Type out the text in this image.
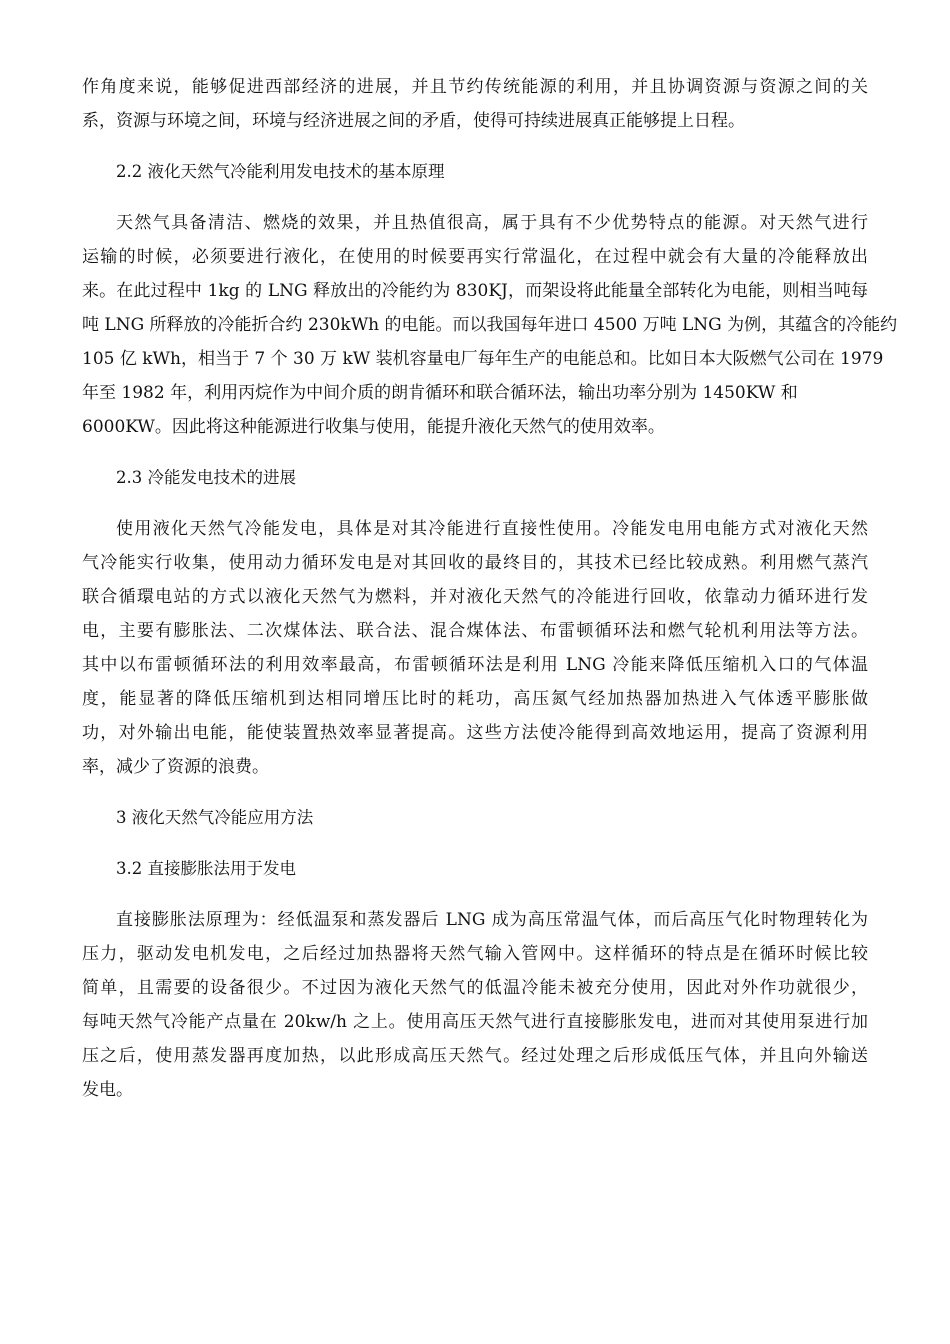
作角度来说，能够促进西部经济的进展，并且节约传统能源的利用，并且协调资源与资源之间的关
系，资源与环境之间，环境与经济进展之间的矛盾，使得可持续进展真正能够提上日程。
2.2 液化天然气冷能利用发电技术的基本原理
天然气具备清洁、燃烧的效果，并且热值很高，属于具有不少优势特点的能源。对天然气进行
运输的时候，必须要进行液化，在使用的时候要再实行常温化，在过程中就会有大量的冷能释放出
来。在此过程中 1kg 的 LNG 释放出的冷能约为 830KJ，而架设将此能量全部转化为电能，则相当吨每
吨 LNG 所释放的冷能折合约 230kWh 的电能。而以我国每年进口 4500 万吨 LNG 为例，其蕴含的冷能约
105 亿 kWh，相当于 7 个 30 万 kW 装机容量电厂每年生产的电能总和。比如日本大阪燃气公司在 1979
年至 1982 年，利用丙烷作为中间介质的朗肯循环和联合循环法，输出功率分别为 1450KW 和
6000KW。因此将这种能源进行收集与使用，能提升液化天然气的使用效率。
2.3 冷能发电技术的进展
使用液化天然气冷能发电，具体是对其冷能进行直接性使用。冷能发电用电能方式对液化天然
气冷能实行收集，使用动力循环发电是对其回收的最终目的，其技术已经比较成熟。利用燃气蒸汽
联合循環电站的方式以液化天然气为燃料，并对液化天然气的冷能进行回收，依靠动力循环进行发
电，主要有膨胀法、二次煤体法、联合法、混合煤体法、布雷顿循环法和燃气轮机利用法等方法。
其中以布雷顿循环法的利用效率最高，布雷顿循环法是利用 LNG 冷能来降低压缩机入口的气体温
度，能显著的降低压缩机到达相同增压比时的耗功，高压氮气经加热器加热进入气体透平膨胀做
功，对外输出电能，能使装置热效率显著提高。这些方法使冷能得到高效地运用，提高了资源利用
率，减少了资源的浪费。
3 液化天然气冷能应用方法
3.2 直接膨胀法用于发电
直接膨胀法原理为：经低温泵和蒸发器后 LNG 成为高压常温气体，而后高压气化时物理转化为
压力，驱动发电机发电，之后经过加热器将天然气输入管网中。这样循环的特点是在循环时候比较
简单，且需要的设备很少。不过因为液化天然气的低温冷能未被充分使用，因此对外作功就很少，
每吨天然气冷能产点量在 20kw/h 之上。使用高压天然气进行直接膨胀发电，进而对其使用泵进行加
压之后，使用蒸发器再度加热，以此形成高压天然气。经过处理之后形成低压气体，并且向外输送
发电。
